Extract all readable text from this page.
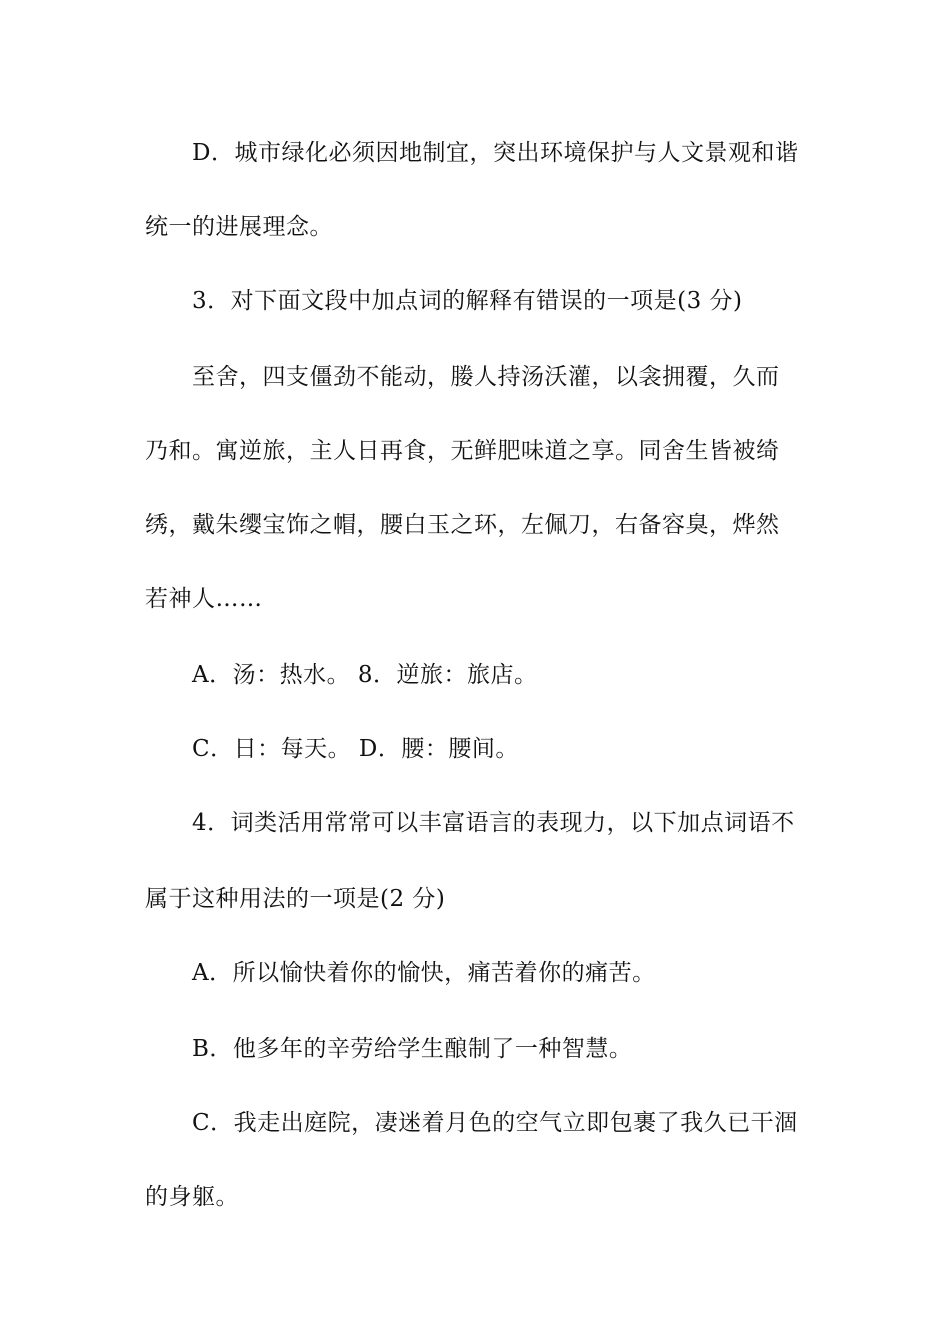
D．城市绿化必须因地制宜，突出环境保护与人文景观和谐
统一的进展理念。
3．对下面文段中加点词的解释有错误的一项是(3 分)
至舍，四支僵劲不能动，媵人持汤沃灌，以衾拥覆，久而
乃和。寓逆旅，主人日再食，无鲜肥味道之享。同舍生皆被绮
绣，戴朱缨宝饰之帽，腰白玉之环，左佩刀，右备容臭，烨然
若神人……
A．汤：热水。 8．逆旅：旅店。
C．日：每天。 D．腰：腰间。
4．词类活用常常可以丰富语言的表现力，以下加点词语不
属于这种用法的一项是(2 分)
A．所以愉快着你的愉快，痛苦着你的痛苦。
B．他多年的辛劳给学生酿制了一种智慧。
C．我走出庭院，凄迷着月色的空气立即包裹了我久已干涸
的身躯。
